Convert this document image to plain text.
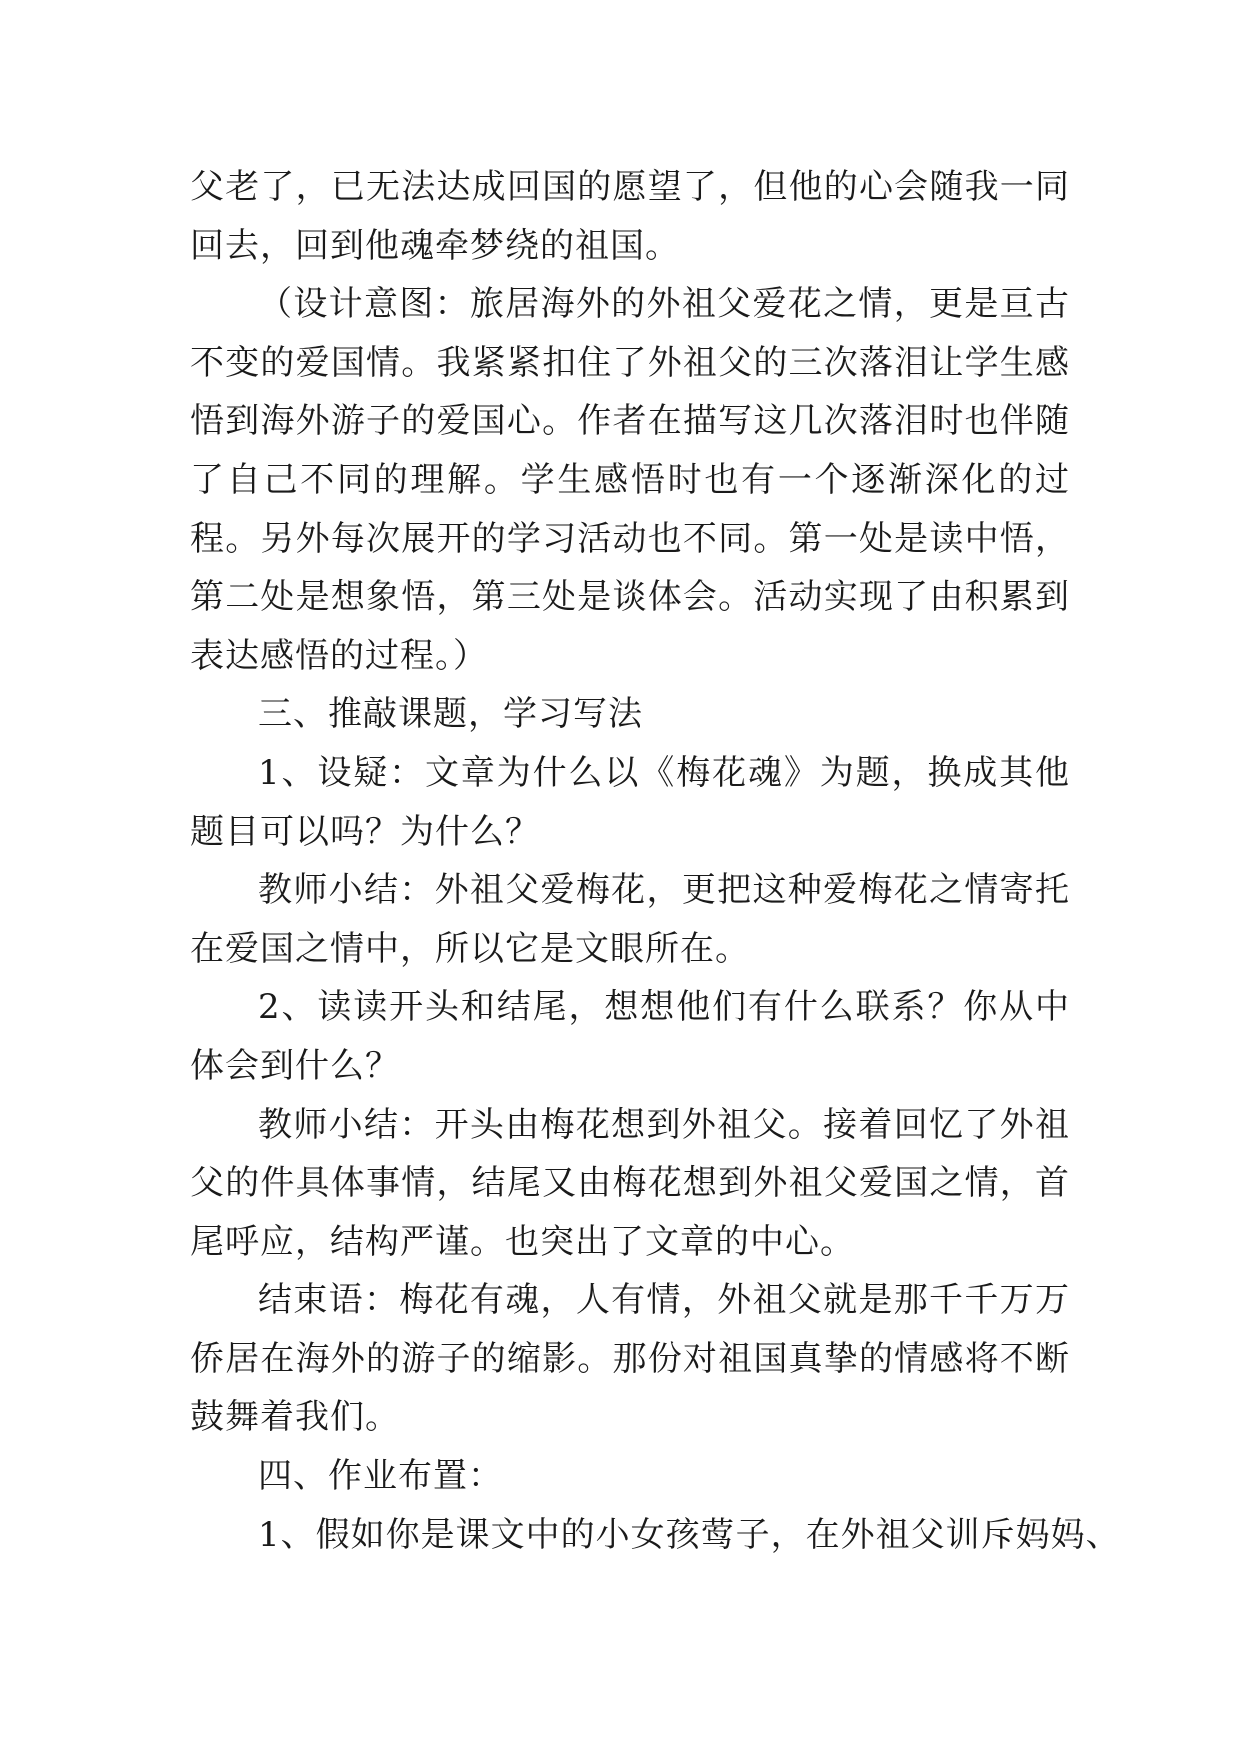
父老了，已无法达成回国的愿望了，但他的心会随我一同回去，回到他魂牵梦绕的祖国。

（设计意图：旅居海外的外祖父爱花之情，更是亘古不变的爱国情。我紧紧扣住了外祖父的三次落泪让学生感悟到海外游子的爱国心。作者在描写这几次落泪时也伴随了自己不同的理解。学生感悟时也有一个逐渐深化的过程。另外每次展开的学习活动也不同。第一处是读中悟，第二处是想象悟，第三处是谈体会。活动实现了由积累到表达感悟的过程。）

三、推敲课题，学习写法

1、设疑：文章为什么以《梅花魂》为题，换成其他题目可以吗？为什么？

教师小结：外祖父爱梅花，更把这种爱梅花之情寄托在爱国之情中，所以它是文眼所在。

2、读读开头和结尾，想想他们有什么联系？你从中体会到什么？

教师小结：开头由梅花想到外祖父。接着回忆了外祖父的件具体事情，结尾又由梅花想到外祖父爱国之情，首尾呼应，结构严谨。也突出了文章的中心。

结束语：梅花有魂，人有情，外祖父就是那千千万万侨居在海外的游子的缩影。那份对祖国真挚的情感将不断鼓舞着我们。

四、作业布置：

1、假如你是课文中的小女孩莺子，在外祖父训斥妈妈、
